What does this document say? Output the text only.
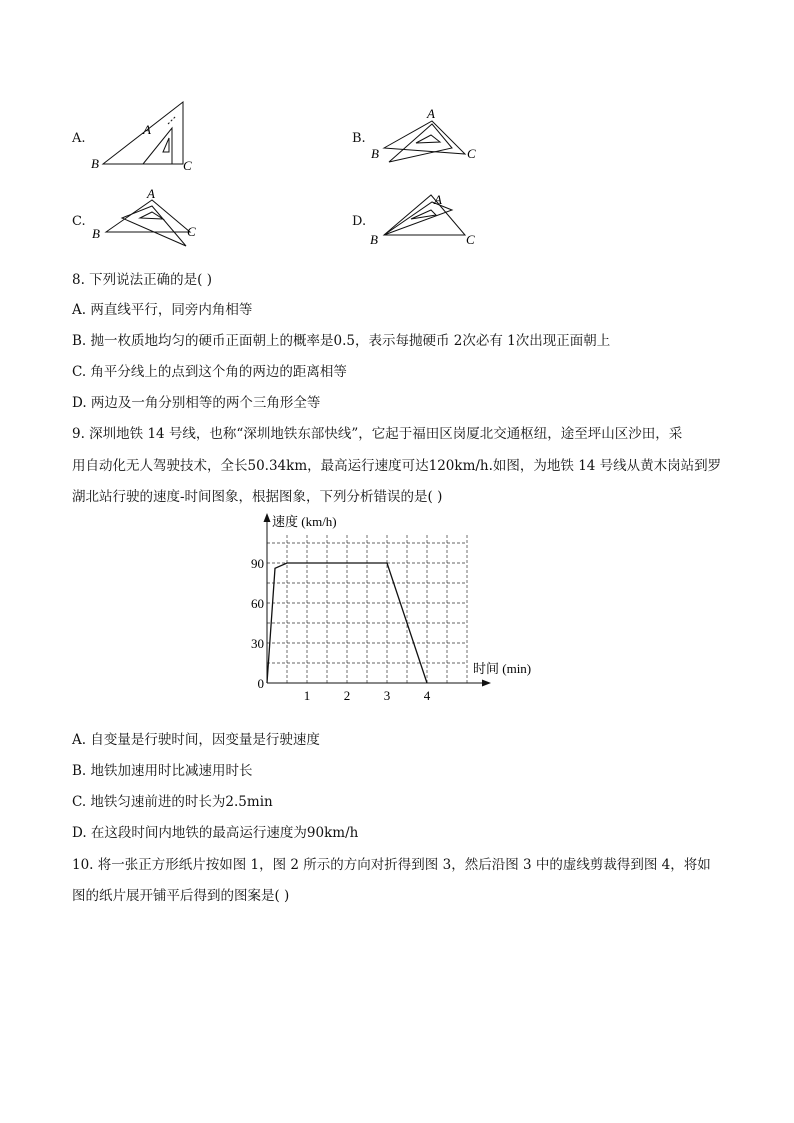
A.
B
A
C
B.
A
B	C
C.
A
B	C
D.
A
B	C
8. 下列说法正确的是( )
A. 两直线平行，同旁内角相等
B. 抛一枚质地均匀的硬币正面朝上的概率是0.5，表示每抛硬币 2次必有 1次出现正面朝上
C. 角平分线上的点到这个角的两边的距离相等
D. 两边及一角分别相等的两个三角形全等
9. 深圳地铁 14 号线，也称“深圳地铁东部快线”，它起于福田区岗厦北交通枢纽，途至坪山区沙田，采
用自动化无人驾驶技术，全长50.34km，最高运行速度可达120km/h.如图，为地铁 14 号线从黄木岗站到罗
湖北站行驶的速度-时间图象，根据图象，下列分析错误的是( )
速度 (km/h)
时间 (min)
1	2	3	4
90
60
30
0
A. 自变量是行驶时间，因变量是行驶速度
B. 地铁加速用时比减速用时长
C. 地铁匀速前进的时长为2.5min
D. 在这段时间内地铁的最高运行速度为90km/h
10. 将一张正方形纸片按如图 1，图 2 所示的方向对折得到图 3，然后沿图 3 中的虚线剪裁得到图 4，将如
图的纸片展开铺平后得到的图案是( )
